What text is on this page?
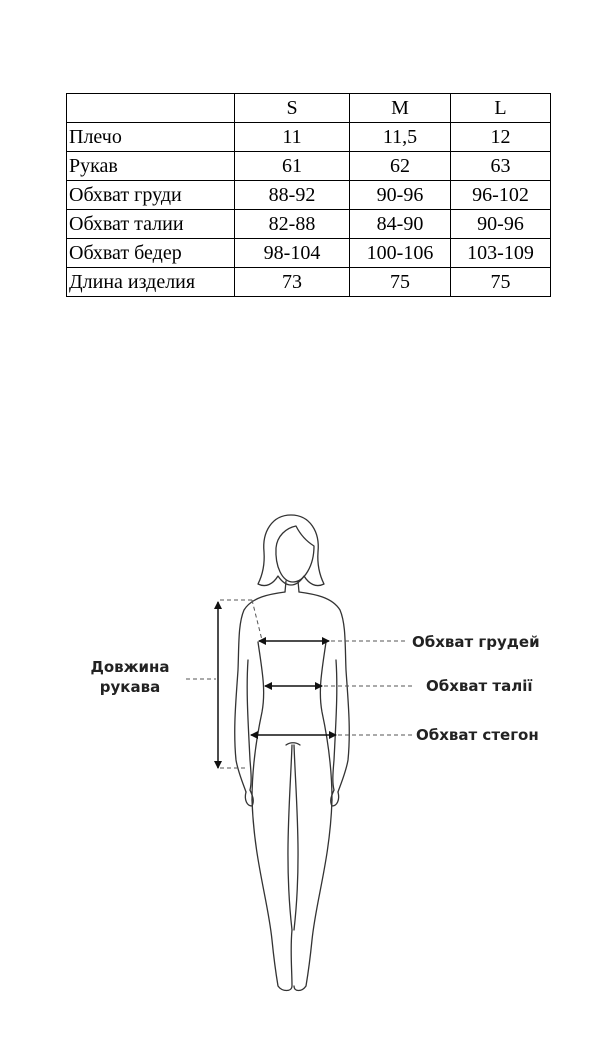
	S	M	L
Плечо	11	11,5	12
Рукав	61	62	63
Обхват груди	88-92	90-96	96-102
Обхват талии	82-88	84-90	90-96
Обхват бедер	98-104	100-106	103-109
Длина изделия	73	75	75
Довжина
рукава
Обхват грудей
Обхват талії
Обхват стегон
